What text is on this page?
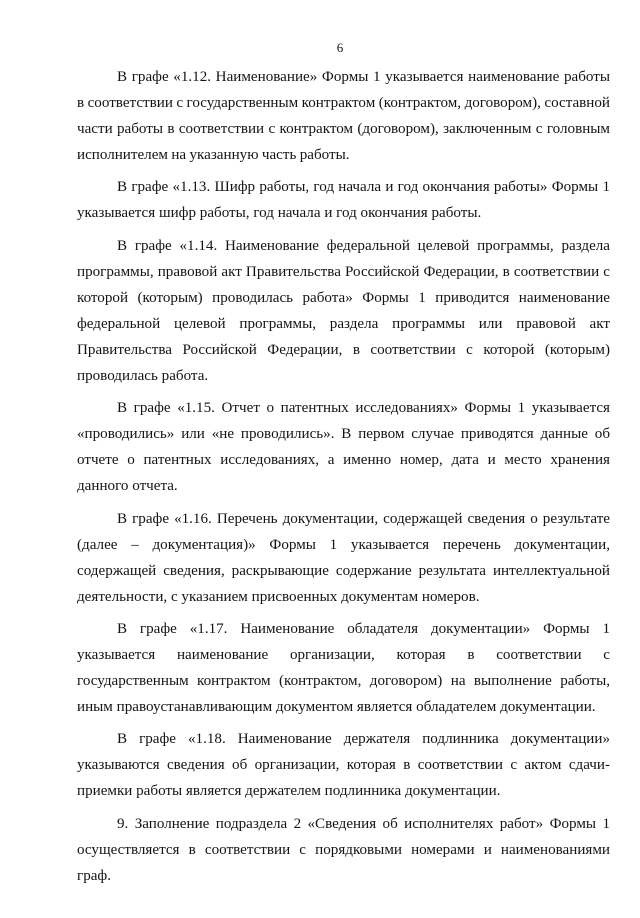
6

В графе «1.12. Наименование» Формы 1 указывается наименование работы в соответствии с государственным контрактом (контрактом, договором), составной части работы в соответствии с контрактом (договором), заключенным с головным исполнителем на указанную часть работы.

В графе «1.13. Шифр работы, год начала и год окончания работы» Формы 1 указывается шифр работы, год начала и год окончания работы.

В графе «1.14. Наименование федеральной целевой программы, раздела программы, правовой акт Правительства Российской Федерации, в соответствии с которой (которым) проводилась работа» Формы 1 приводится наименование федеральной целевой программы, раздела программы или правовой акт Правительства Российской Федерации, в соответствии с которой (которым) проводилась работа.

В графе «1.15. Отчет о патентных исследованиях» Формы 1 указывается «проводились» или «не проводились». В первом случае приводятся данные об отчете о патентных исследованиях, а именно номер, дата и место хранения данного отчета.

В графе «1.16. Перечень документации, содержащей сведения о результате (далее – документация)» Формы 1 указывается перечень документации, содержащей сведения, раскрывающие содержание результата интеллектуальной деятельности, с указанием присвоенных документам номеров.

В графе «1.17. Наименование обладателя документации» Формы 1 указывается наименование организации, которая в соответствии с государственным контрактом (контрактом, договором) на выполнение работы, иным правоустанавливающим документом является обладателем документации.

В графе «1.18. Наименование держателя подлинника документации» указываются сведения об организации, которая в соответствии с актом сдачи-приемки работы является держателем подлинника документации.

9. Заполнение подраздела 2 «Сведения об исполнителях работ» Формы 1 осуществляется в соответствии с порядковыми номерами и наименованиями граф.
